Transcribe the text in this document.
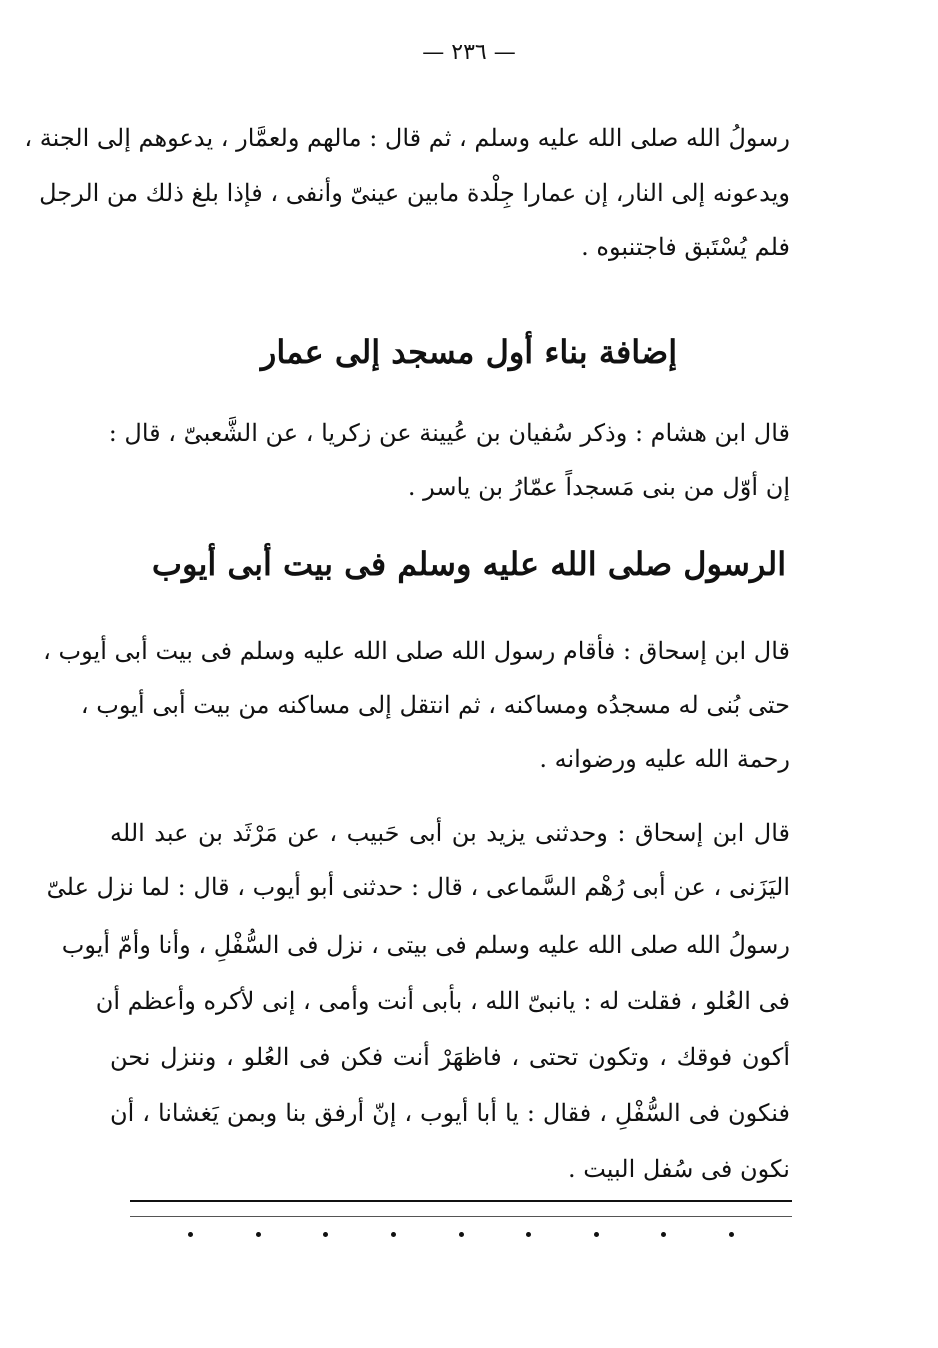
— ٢٣٦ —
رسولُ الله صلى الله عليه وسلم ، ثم قال : مالهم ولعمَّار ، يدعوهم إلى الجنة ،
ويدعونه إلى النار، إن عمارا جِلْدة مابين عينىّ وأنفى ، فإذا بلغ ذلك من الرجل
فلم يُسْتَبق فاجتنبوه .
إضافة بناء أول مسجد إلى عمار
قال ابن هشام : وذكر سُفيان بن عُيينة عن زكريا ، عن الشَّعبىّ ، قال :
إن أوّل من بنى مَسجداً عمّارُ بن ياسر .
الرسول صلى الله عليه وسلم فى بيت أبى أيوب
قال ابن إسحاق : فأقام رسول الله صلى الله عليه وسلم فى بيت أبى أيوب ،
حتى بُنى له مسجدُه ومساكنه ، ثم انتقل إلى مساكنه من بيت أبى أيوب ،
رحمة الله عليه ورضوانه .
قال ابن إسحاق : وحدثنى يزيد بن أبى حَبيب ، عن مَرْثَد بن عبد الله
اليَزَنى ، عن أبى رُهْم السَّماعى ، قال : حدثنى أبو أيوب ، قال : لما نزل علىّ
رسولُ الله صلى الله عليه وسلم فى بيتى ، نزل فى السُّفْلِ ، وأنا وأمّ أيوب
فى العُلو ، فقلت له : يانبىّ الله ، بأبى أنت وأمى ، إنى لأكره وأعظم أن
أكون فوقك ، وتكون تحتى ، فاظهَرْ أنت فكن فى العُلو ، وننزل نحن
فنكون فى السُّفْلِ ، فقال : يا أبا أيوب ، إنّ أرفق بنا وبمن يَغشانا ، أن
نكون فى سُفل البيت .
